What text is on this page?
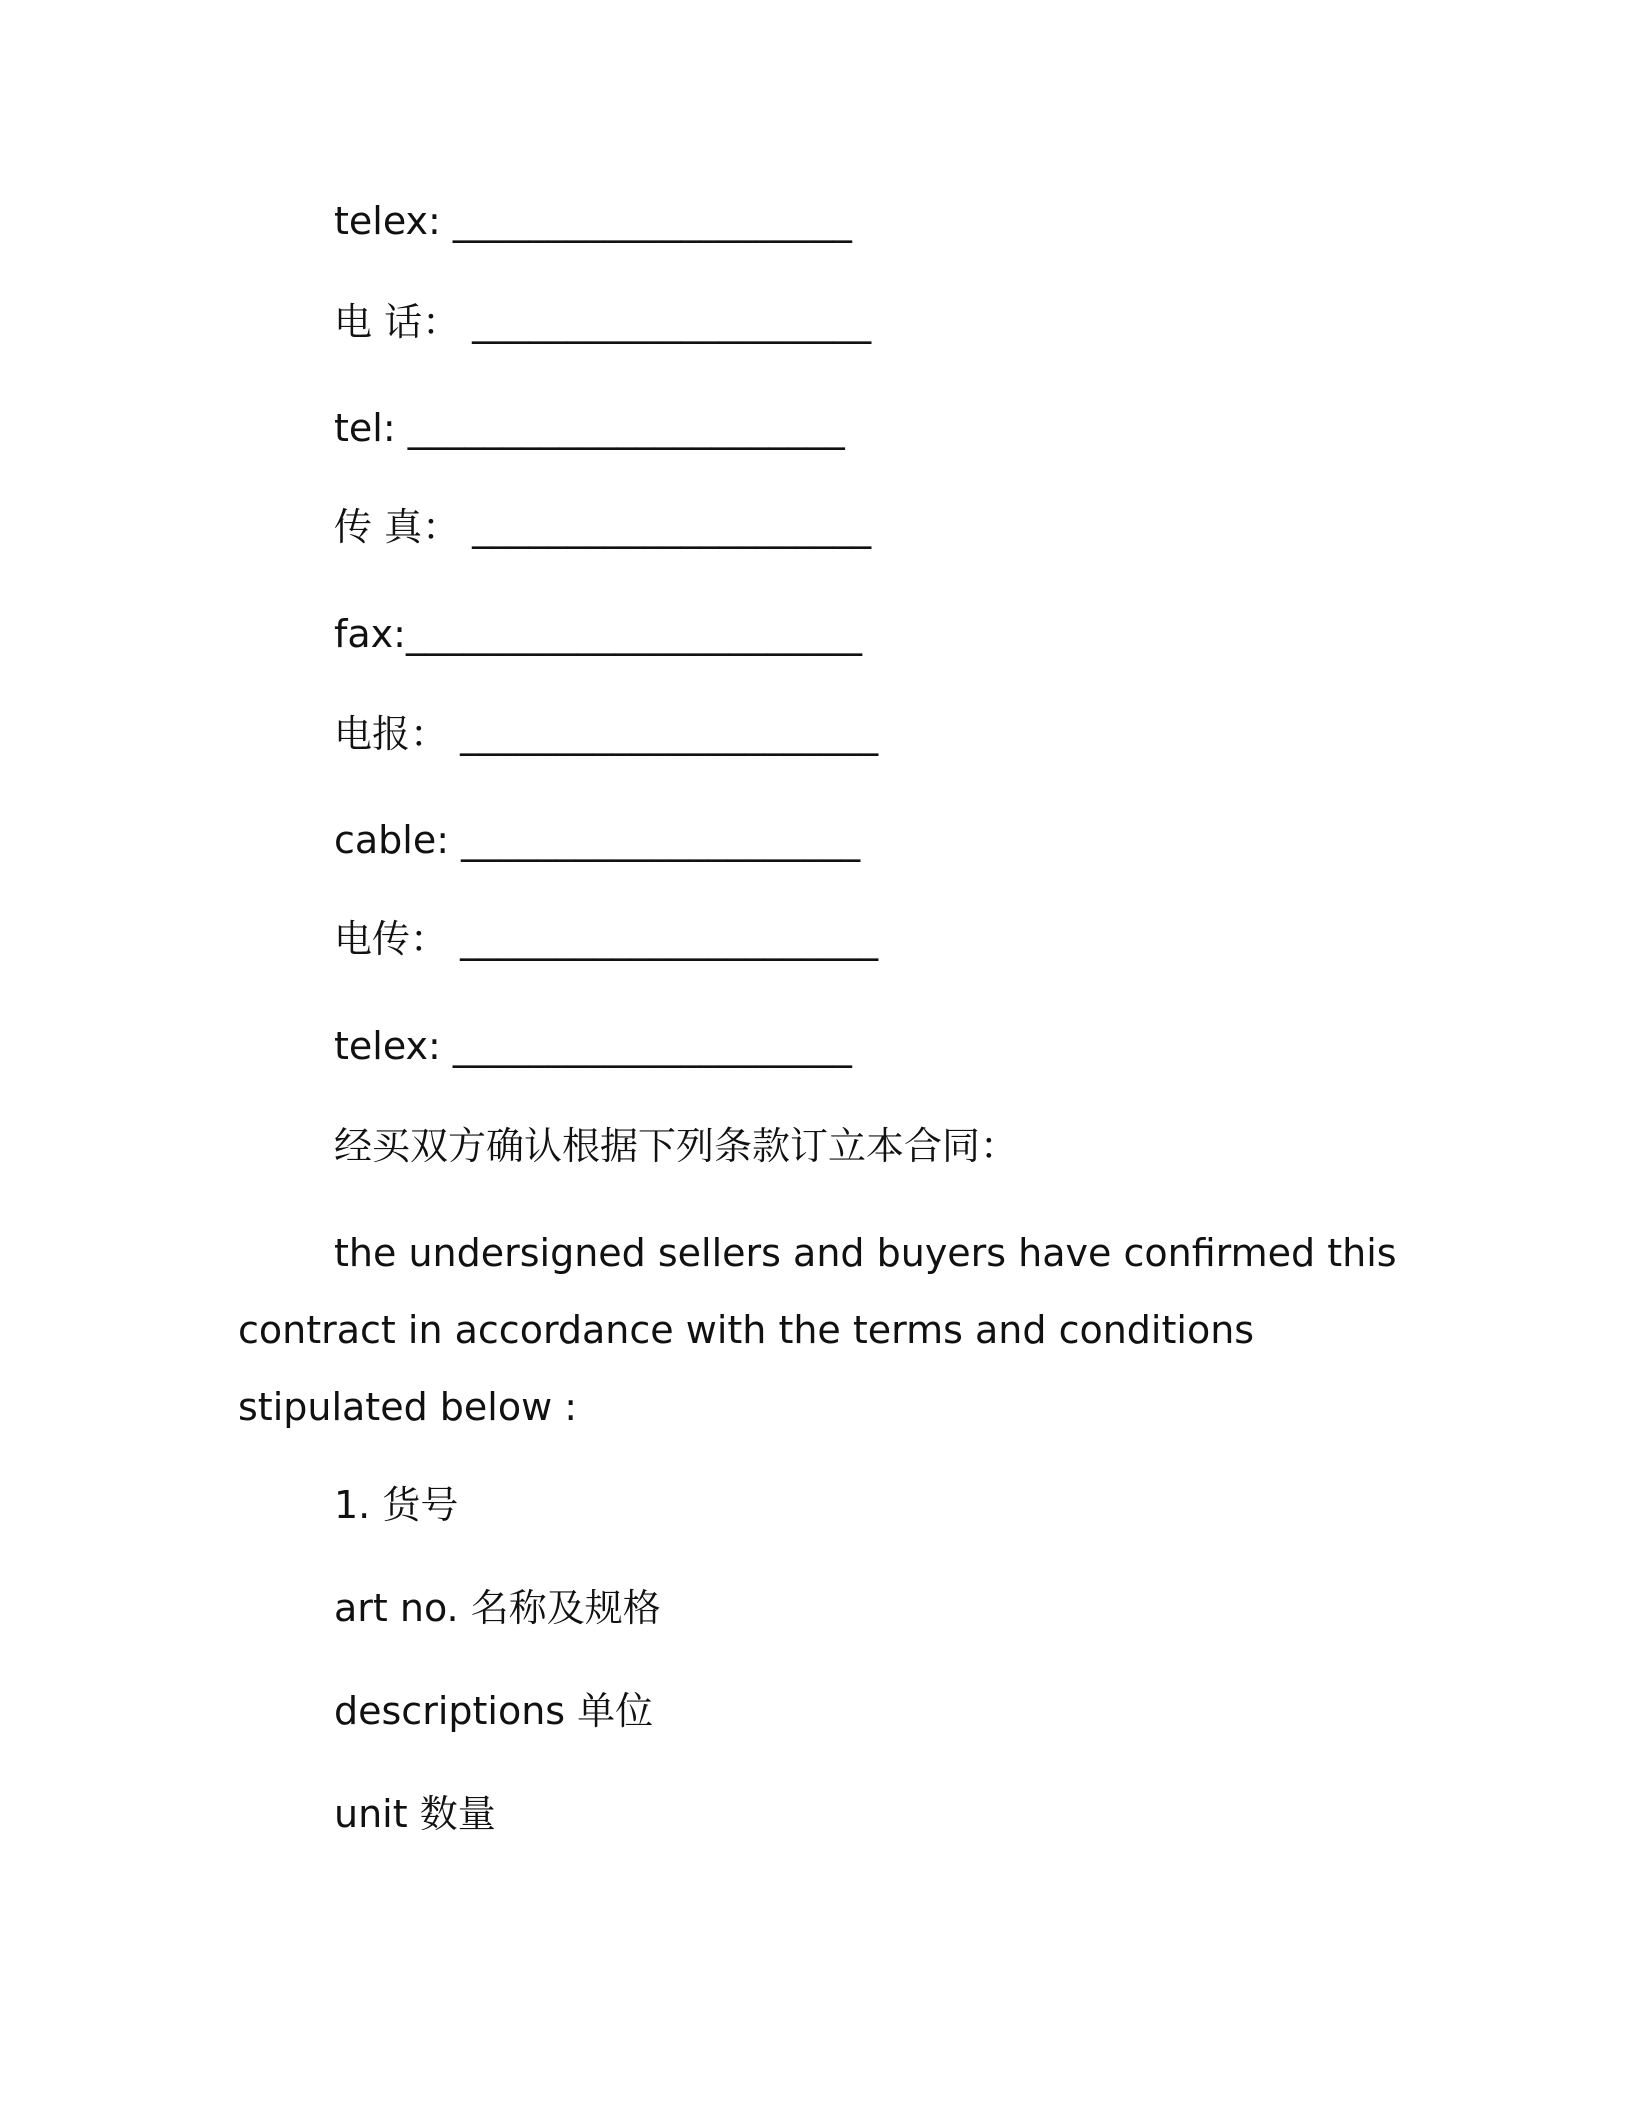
telex: _____________________
电 话： _____________________
tel: _______________________
传 真： _____________________
fax:________________________
电报： ______________________
cable: _____________________
电传： ______________________
telex: _____________________
经买双方确认根据下列条款订立本合同：
the undersigned sellers and buyers have confirmed this contract in accordance with the terms and conditions stipulated below :
1. 货号
art no. 名称及规格
descriptions 单位
unit 数量
